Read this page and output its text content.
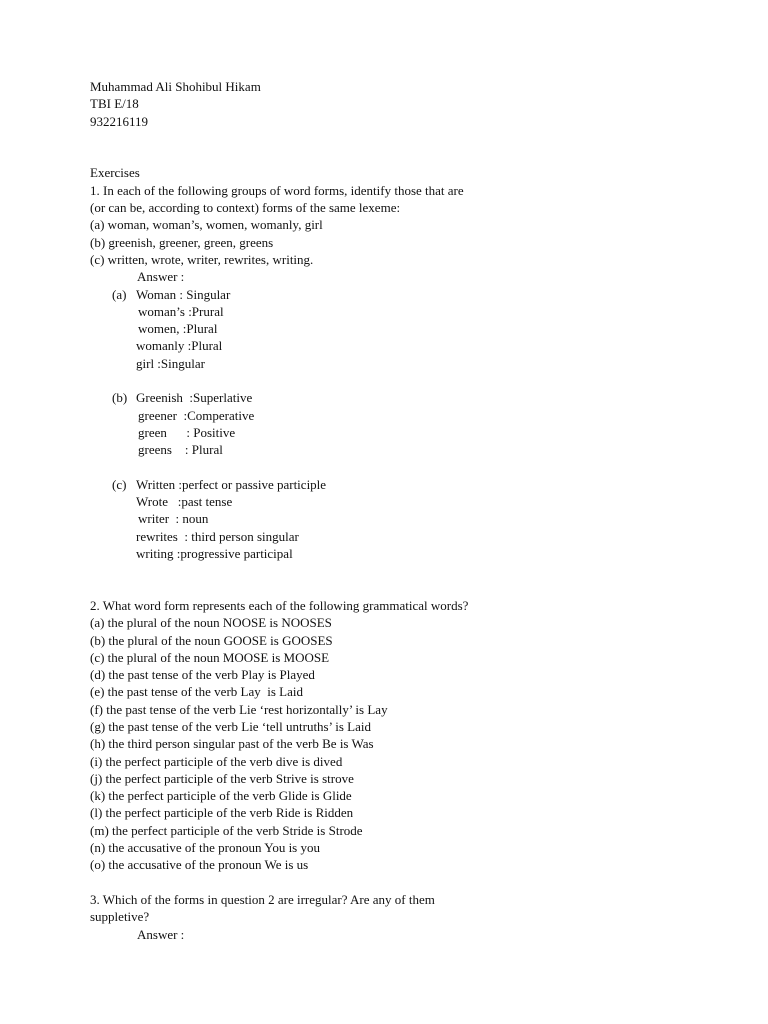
Muhammad Ali Shohibul Hikam
TBI E/18
932216119
Exercises
1. In each of the following groups of word forms, identify those that are
(or can be, according to context) forms of the same lexeme:
(a) woman, woman’s, women, womanly, girl
(b) greenish, greener, green, greens
(c) written, wrote, writer, rewrites, writing.
Answer :
(a) Woman : Singular
woman’s :Prural
women, :Plural
womanly :Plural
girl :Singular
(b) Greenish  :Superlative
greener  :Comperative
green      : Positive
greens    : Plural
(c) Written :perfect or passive participle
Wrote   :past tense
writer  : noun
rewrites  : third person singular
writing :progressive participal
2. What word form represents each of the following grammatical words?
(a) the plural of the noun NOOSE is NOOSES
(b) the plural of the noun GOOSE is GOOSES
(c) the plural of the noun MOOSE is MOOSE
(d) the past tense of the verb Play is Played
(e) the past tense of the verb Lay  is Laid
(f) the past tense of the verb Lie ‘rest horizontally’ is Lay
(g) the past tense of the verb Lie ‘tell untruths’ is Laid
(h) the third person singular past of the verb Be is Was
(i) the perfect participle of the verb dive is dived
(j) the perfect participle of the verb Strive is strove
(k) the perfect participle of the verb Glide is Glide
(l) the perfect participle of the verb Ride is Ridden
(m) the perfect participle of the verb Stride is Strode
(n) the accusative of the pronoun You is you
(o) the accusative of the pronoun We is us
3. Which of the forms in question 2 are irregular? Are any of them
suppletive?
Answer :
